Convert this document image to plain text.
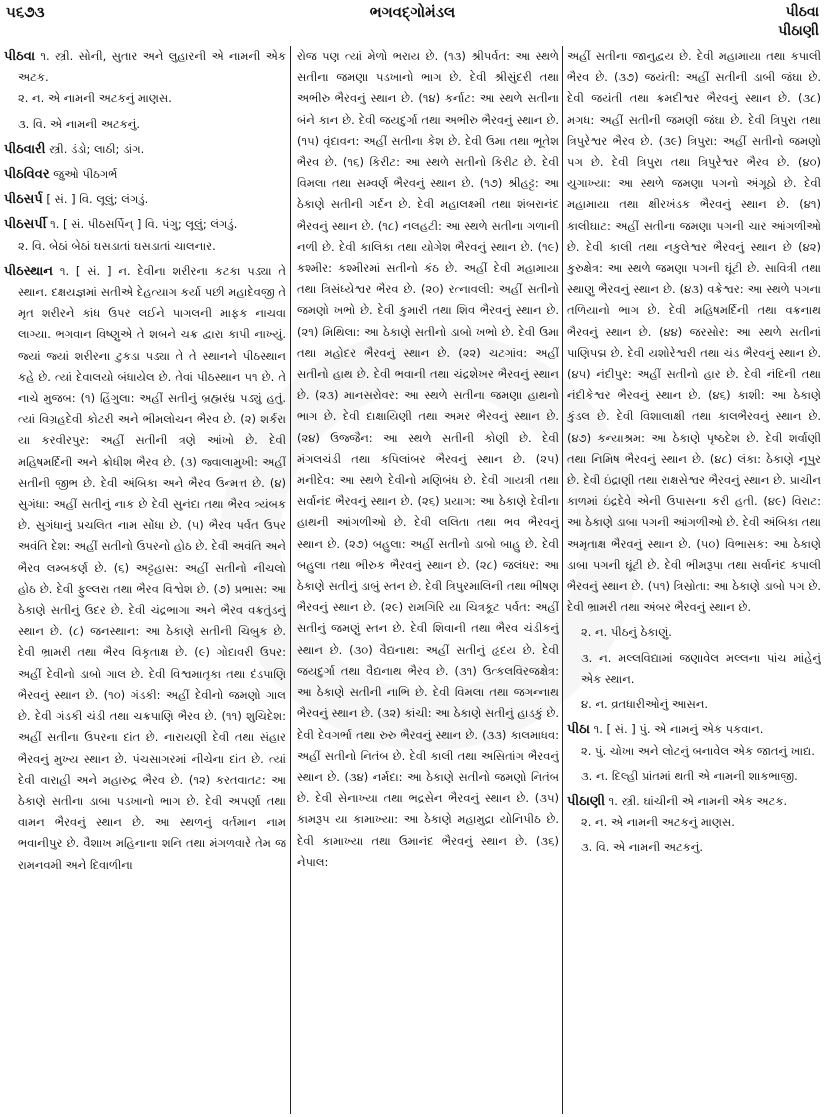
૫૬૭૩	ભગવદ્ગોમંડલ	પીઠવા
પીઠાણી
પીઠવા ૧. સ્ત્રી. સોની, સુતાર અને લુહારની એ નામની એક અટક.
૨. ન. એ નામની અટકનું માણસ.
૩. વિ. એ નામની અટકનું.
પીઠવારી સ્ત્રી. ડંડો; લાઠી; ડાંગ.
પીઠવિવર જુઓ પીઠગર્ભ
પીઠસર્પ [ સં. ] વિ. લૂલું; લંગડું.
પીઠસર્પી ૧. [ સં. પીઠસર્પિન્ ] વિ. પંગુ; લૂલું; લંગડું.
૨. વિ. બેઠાં બેઠાં ઘસડાતાં ઘસડાતાં ચાલનાર.
પીઠસ્થાન ૧. [ સં. ] ન. દેવીના શરીરના કટકા પડ્યા તે સ્થાન. દક્ષયજ્ઞમાં સતીએ દેહત્યાગ કર્યા પછી મહાદેવજી તે મૃત શરીરને કાંધ ઉપર લઈને પાગલની માફક નાચવા લાગ્યા. ભગવાન વિષ્ણુએ તે શબને ચક્ર દ્વારા કાપી નાખ્યું. જ્યાં જ્યાં શરીરના ટુકડા પડ્યા તે તે સ્થાનને પીઠસ્થાન કહે છે. ત્યાં દેવાલયો બંધાયેલ છે. તેવાં પીઠસ્થાન ૫૧ છે. તે નાચે મુજબ: (૧) હિંગુલા: અહીં સતીનું બ્રહ્મરંધ્ર પડ્યું હતું. ત્યાં વિગ્રહદેવી કોટરી અને ભીમલોચન ભૈરવ છે. (૨) શર્કરા યા કરવીરપુર: અહીં સતીની ત્રણે આંખો છે. દેવી મહિષમર્દિની અને ક્રોધીશ ભૈરવ છે. (૩) જ્વાલામુખી: અહીં સતીની જીભ છે. દેવી અંબિકા અને ભૈરવ ઉન્મત્ત છે. (૪) સુગંધા: અહીં સતીનું નાક છે દેવી સુનંદા તથા ભૈરવ ત્ર્યંબક છે. સુગંધાનું પ્રચલિત નામ સોંધા છે. (૫) ભૈરવ પર્વત ઉપર અવંતિ દેશ: અહીં સતીનો ઉપરનો હોઠ છે. દેવી અવંતિ અને ભૈરવ લમ્બકર્ણ છે. (૬) અટ્ટહાસ: અહીં સતીનો નીચલો હોઠ છે. દેવી ફુલ્લરા તથા ભૈરવ વિશ્વેશ છે. (૭) પ્રભાસ: આ ઠેકાણે સતીનું ઉદર છે. દેવી ચંદ્રભાગા અને ભૈરવ વક્રતુંડનું સ્થાન છે. (૮) જનસ્થાન: આ ઠેકાણે સતીની ચિબુક છે. દેવી ભ્રામરી તથા ભૈરવ વિકૃતાક્ષ છે. (૯) ગોદાવરી ઉપર: અહીં દેવીનો ડાબો ગાલ છે. દેવી વિશ્વમાતૃકા તથા દંડપાણિ ભૈરવનું સ્થાન છે. (૧૦) ગંડકી: અહીં દેવીનો જમણો ગાલ છે. દેવી ગંડકી ચંડી તથા ચક્રપાણિ ભૈરવ છે. (૧૧) શુચિદેશ: અહીં સતીના ઉપરના દાંત છે. નારાયણી દેવી તથા સંહાર ભૈરવનું મુખ્ય સ્થાન છે. પંચસાગરમાં નીચેના દાંત છે. ત્યાં દેવી વારાહી અને મહારુદ્ર ભૈરવ છે. (૧૨) કરતવાતટ: આ ઠેકાણે સતીના ડાબા પડખાનો ભાગ છે. દેવી અપર્ણા તથા વામન ભૈરવનું સ્થાન છે. આ સ્થળનું વર્તમાન નામ ભવાનીપુર છે. વૈશાખ મહિનાના શનિ તથા મંગળવારે તેમ જ રામનવમી અને દિવાળીના
રોજ પણ ત્યાં મેળો ભરાય છે. (૧૩) શ્રીપર્વત: આ સ્થળે સતીના જમણા પડખાનો ભાગ છે. દેવી શ્રીસુંદરી તથા અભીરુ ભૈરવનું સ્થાન છે. (૧૪) કર્નાટ: આ સ્થળે સતીના બંને કાન છે. દેવી જયદુર્ગા તથા અભીરુ ભૈરવનું સ્થાન છે. (૧૫) વૃંદાવન: અહીં સતીના કેશ છે. દેવી ઉમા તથા ભૂતેશ ભૈરવ છે. (૧૬) કિરીટ: આ સ્થળે સતીનો કિરીટ છે. દેવી વિમલા તથા સમ્વર્ણ ભૈરવનું સ્થાન છે. (૧૭) શ્રીહટ્ટ: આ ઠેકાણે સતીની ગર્દન છે. દેવી મહાલક્ષ્મી તથા શંબરાનંદ ભૈરવનું સ્થાન છે. (૧૮) નલહટી: આ સ્થળે સતીના ગળાની નળી છે. દેવી કાલિકા તથા યોગેશ ભૈરવનું સ્થાન છે. (૧૯) કશ્મીર: કશ્મીરમાં સતીનો કંઠ છે. અહીં દેવી મહામાયા તથા ત્રિસંધ્યેશ્વર ભૈરવ છે. (૨૦) રત્નાવલી: અહીં સતીનો જમણો ખભો છે. દેવી કુમારી તથા શિવ ભૈરવનું સ્થાન છે. (૨૧) મિથિલા: આ ઠેકાણે સતીનો ડાબો ખભો છે. દેવી ઉમા તથા મહોદર ભૈરવનું સ્થાન છે. (૨૨) ચટગાંવ: અહીં સતીનો હાથ છે. દેવી ભવાની તથા ચંદ્રશેખર ભૈરવનું સ્થાન છે. (૨૩) માનસરોવર: આ સ્થળે સતીના જમણા હાથનો ભાગ છે. દેવી દાક્ષાયિણી તથા અમર ભૈરવનું સ્થાન છે. (૨૪) ઉજ્જૈન: આ સ્થળે સતીની કોણી છે. દેવી મંગલચંડી તથા કપિલાંબર ભૈરવનું સ્થાન છે. (૨૫) મનીદેવ: આ સ્થળે દેવીનો મણિબંધ છે. દેવી ગાયત્રી તથા સર્વાનંદ ભૈરવનું સ્થાન છે. (૨૬) પ્રયાગ: આ ઠેકાણે દેવીના હાથની આંગળીઓ છે. દેવી લલિતા તથા ભવ ભૈરવનું સ્થાન છે. (૨૭) બહુલા: અહીં સતીનો ડાબો બાહુ છે. દેવી બહુલા તથા ભીરુક ભૈરવનું સ્થાન છે. (૨૮) જલંધર: આ ઠેકાણે સતીનું ડાબું સ્તન છે. દેવી ત્રિપુરમાલિની તથા ભીષણ ભૈરવનું સ્થાન છે. (૨૯) રામગિરિ યા ચિત્રકૂટ પર્વત: અહીં સતીનું જમણું સ્તન છે. દેવી શિવાની તથા ભૈરવ ચંડીકનું સ્થાન છે. (૩૦) વૈદ્યનાથ: અહીં સતીનું હૃદય છે. દેવી જયદુર્ગા તથા વૈદ્યનાથ ભૈરવ છે. (૩૧) ઉત્કલવિરજક્ષેત્ર: આ ઠેકાણે સતીની નાભિ છે. દેવી વિમલા તથા જગન્નાથ ભૈરવનું સ્થાન છે. (૩૨) કાંચી: આ ઠેકાણે સતીનું હાડકું છે. દેવી દેવગર્ભા તથા રુરુ ભૈરવનું સ્થાન છે. (૩૩) કાલમાધવ: અહીં સતીનો નિતંબ છે. દેવી કાલી તથા અસિતાંગ ભૈરવનું સ્થાન છે. (૩૪) નર્મદા: આ ઠેકાણે સતીનો જમણો નિતંબ છે. દેવી સેનાખ્યા તથા ભદ્રસેન ભૈરવનું સ્થાન છે. (૩૫) કામરૂપ યા કામાખ્યા: આ ઠેકાણે મહામુદ્રા યોનિપીઠ છે. દેવી કામાખ્યા તથા ઉમાનંદ ભૈરવનું સ્થાન છે. (૩૬) નેપાલ:
અહીં સતીના જાનુદ્વય છે. દેવી મહામાયા તથા કપાલી ભૈરવ છે. (૩૭) જયંતી: અહીં સતીની ડાબી જંઘા છે. દેવી જયંતી તથા ક્રમદીશ્વર ભૈરવનું સ્થાન છે. (૩૮) મગધ: અહીં સતીની જમણી જંઘા છે. દેવી ત્રિપુરા તથા ત્રિપુરેશ્વર ભૈરવ છે. (૩૯) ત્રિપુરા: અહીં સતીનો જમણો પગ છે. દેવી ત્રિપુરા તથા ત્રિપુરેશ્વર ભૈરવ છે. (૪૦) યુગાખ્યા: આ સ્થળે જમણા પગનો અંગૂઠો છે. દેવી મહામાયા તથા ક્ષીરખંડક ભૈરવનું સ્થાન છે. (૪૧) કાલીઘાટ: અહીં સતીના જમણા પગની ચાર આંગળીઓ છે. દેવી કાલી તથા નકુલેશ્વર ભૈરવનું સ્થાન છે (૪૨) કુરુક્ષેત્ર: આ સ્થળે જમણા પગની ઘૂંટી છે. સાવિત્રી તથા સ્થાણુ ભૈરવનું સ્થાન છે. (૪૩) વક્રેશ્વર: આ સ્થળે પગના તળિયાનો ભાગ છે. દેવી મહિષમર્દિની તથા વક્રનાથ ભૈરવનું સ્થાન છે. (૪૪) જરસોર: આ સ્થળે સતીનાં પાણિપદ્મ છે. દેવી યશોરેશ્વરી તથા ચંડ ભૈરવનું સ્થાન છે. (૪૫) નંદીપુર: અહીં સતીનો હાર છે. દેવી નંદિની તથા નંદીકેશ્વર ભૈરવનું સ્થાન છે. (૪૬) કાશી: આ ઠેકાણે કુંડલ છે. દેવી વિશાલાક્ષી તથા કાલભૈરવનું સ્થાન છે. (૪૭) કન્યાશ્રમ: આ ઠેકાણે પૃષ્ઠદેશ છે. દેવી શર્વાણી તથા નિમિષ ભૈરવનું સ્થાન છે. (૪૮) લંકા: ઠેકાણે નૂપુર છે. દેવી ઇંદ્રાણી તથા રાક્ષસેશ્વર ભૈરવનું સ્થાન છે. પ્રાચીન કાળમાં ઇંદ્રદેવે એની ઉપાસના કરી હતી. (૪૯) વિરાટ: આ ઠેકાણે ડાબા પગની આંગળીઓ છે. દેવી અંબિકા તથા અમૃતાક્ષ ભૈરવનું સ્થાન છે. (૫૦) વિભાસક: આ ઠેકાણે ડાબા પગની ઘૂંટી છે. દેવી ભીમરૂપા તથા સર્વાનંદ કપાલી ભૈરવનું સ્થાન છે. (૫૧) ત્રિસ્રોતા: આ ઠેકાણે ડાબો પગ છે. દેવી ભ્રામરી તથા અંબર ભૈરવનું સ્થાન છે.
૨. ન. પીઠનું ઠેકાણું.
૩. ન. મલ્લવિદ્યામાં જણાવેલ મલ્લના પાંચ માંહેનું એક સ્થાન.
૪. ન. વ્રતધારીઓનું આસન.
પીઠા ૧. [ સં. ] પું. એ નામનું એક પકવાન.
૨. પું. ચોખા અને લોટનું બનાવેલ એક જાતનું ખાદ્ય.
૩. ન. દિલ્હી પ્રાંતમાં થતી એ નામની શાકભાજી.
પીઠાણી ૧. સ્ત્રી. ઘાંચીની એ નામની એક અટક.
૨. ન. એ નામની અટકનું માણસ.
૩. વિ. એ નામની અટકનું.
